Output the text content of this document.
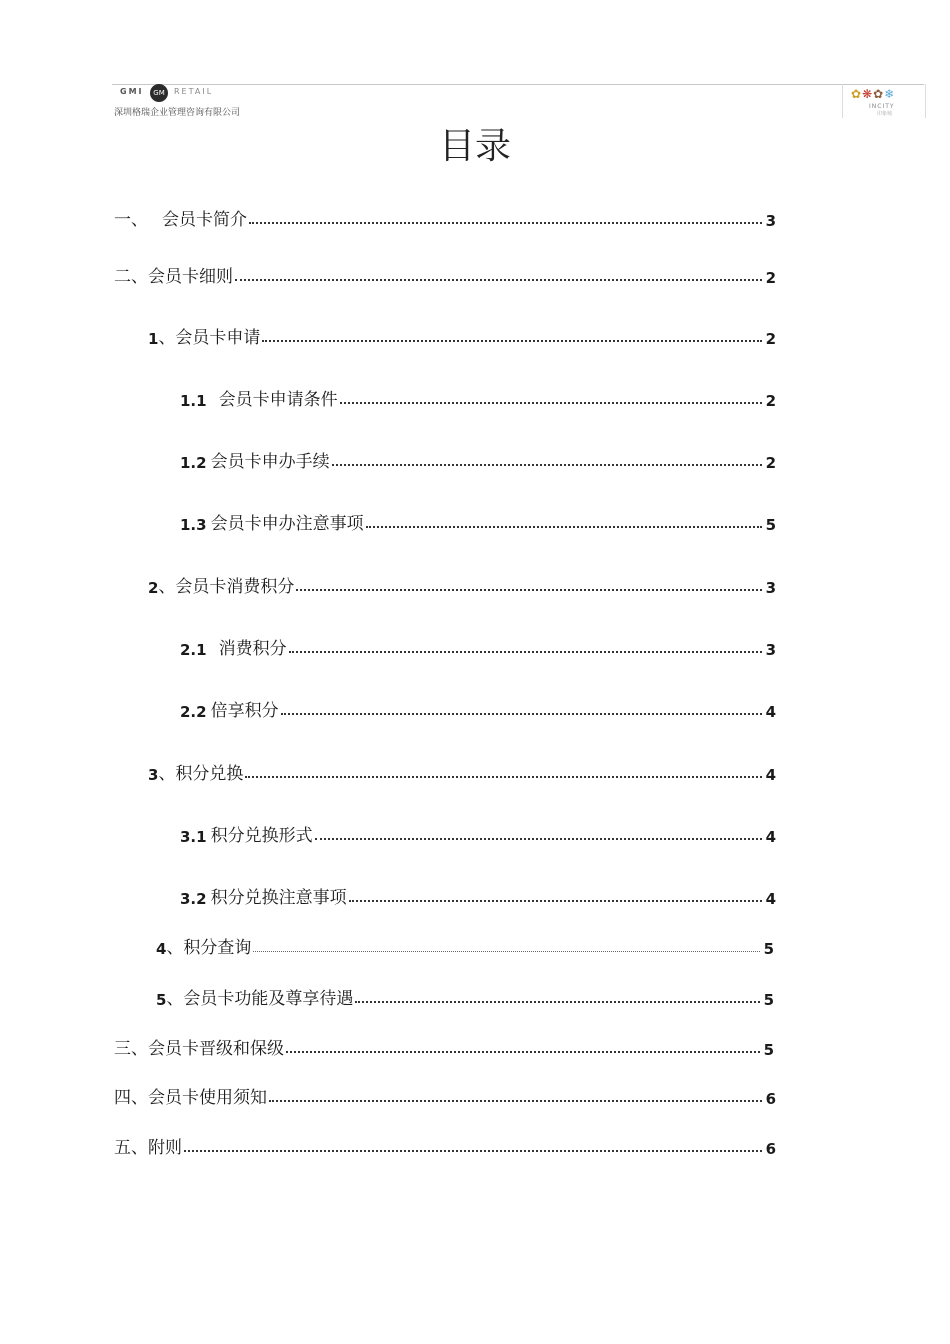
GMI	GM	RETAIL
深圳格瑞企业管理咨询有限公司
✿❋✿❄
INCITY
印象城
目录
一、 会员卡简介	3
二、 会员卡细则	2
1 、会员卡申请	2
1.1 会员卡申请条件	2
1.2 会员卡申办手续	2
1.3 会员卡申办注意事项	5
2 、会员卡消费积分	3
2.1 消费积分	3
2.2 倍享积分	4
3 、积分兑换	4
3.1 积分兑换形式	4
3.2 积分兑换注意事项	4
4 、积分查询	5
5 、会员卡功能及尊享待遇	5
三、 会员卡晋级和保级	5
四、 会员卡使用须知	6
五、 附则	6
